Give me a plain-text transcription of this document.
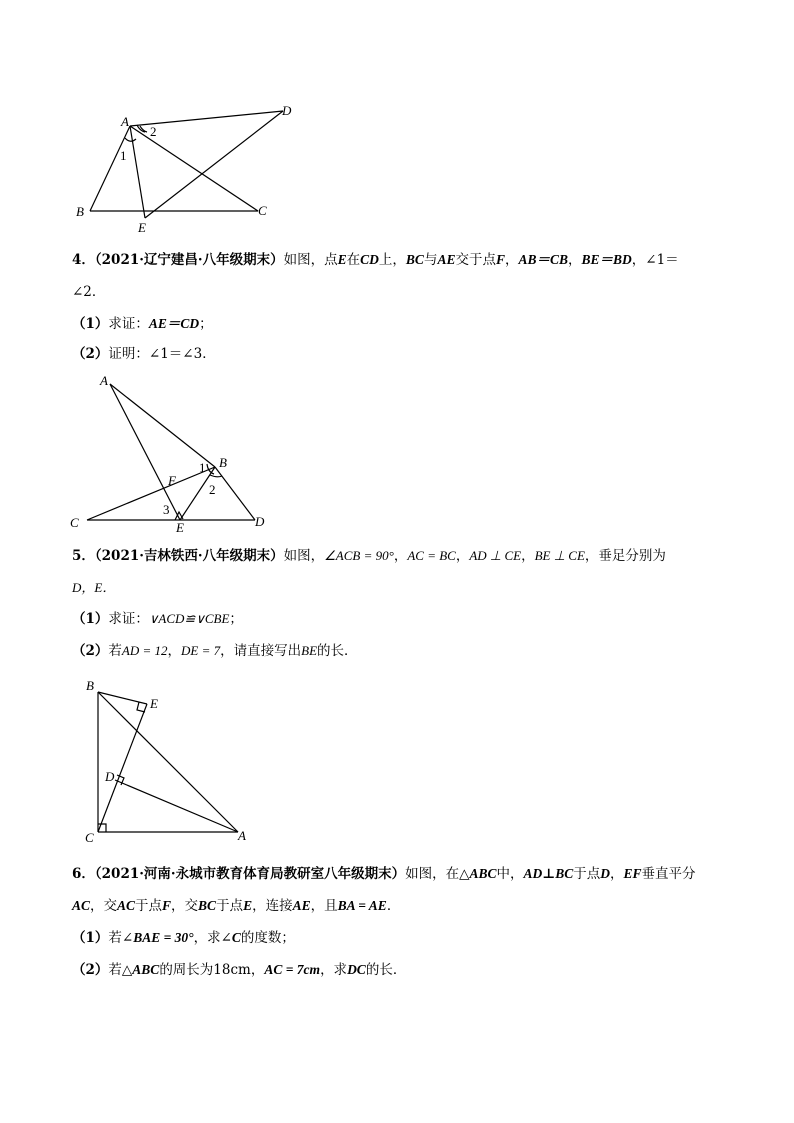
A
B	C
D
E
1
2
4．（2021·辽宁建昌·八年级期末）如图，点E在CD上，BC与AE交于点F，AB＝CB，BE＝BD，∠1＝
∠2．
（1）求证：AE＝CD；
（2）证明：∠1＝∠3．
A
B
C	D
E
F
1
2
3
5．（2021·吉林铁西·八年级期末）如图，∠ACB = 90°，AC = BC，AD ⊥ CE，BE ⊥ CE，垂足分别为
D，E．
（1）求证：∨ACD≌∨CBE；
（2）若AD = 12，DE = 7，请直接写出BE的长．
B
E
D
C	A
6．（2021·河南·永城市教育体育局教研室八年级期末）如图，在△ABC中，AD⊥BC于点D，EF垂直平分
AC，交AC于点F，交BC于点E，连接AE，且BA = AE．
（1）若∠BAE = 30°，求∠C的度数；
（2）若△ABC的周长为18cm，AC = 7cm，求DC的长．
